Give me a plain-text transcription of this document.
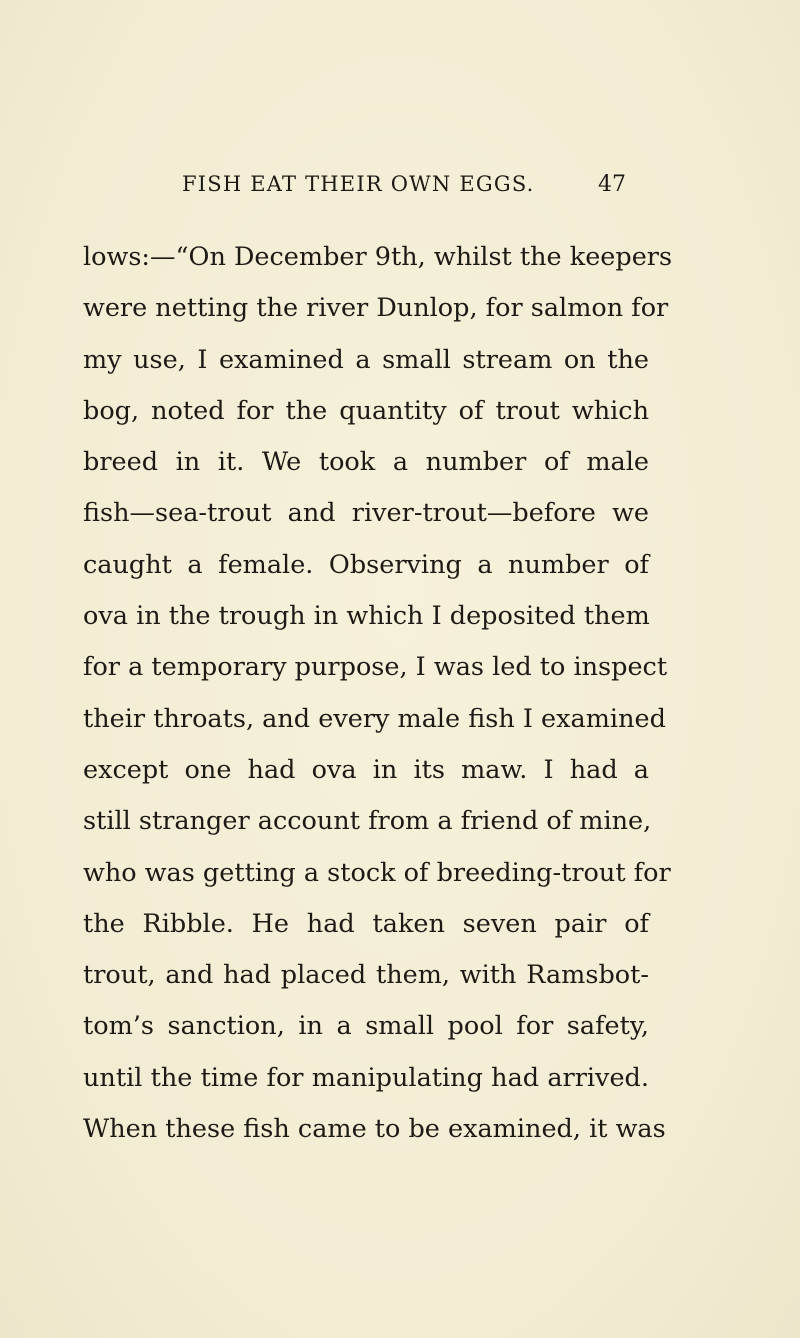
FISH EAT THEIR OWN EGGS.	47
lows:—“On December 9th, whilst the keepers
were netting the river Dunlop, for salmon for
my use, I examined a small stream on the
bog, noted for the quantity of trout which
breed in it. We took a number of male
fish—sea-trout and river-trout—before we
caught a female. Observing a number of
ova in the trough in which I deposited them
for a temporary purpose, I was led to inspect
their throats, and every male fish I examined
except one had ova in its maw. I had a
still stranger account from a friend of mine,
who was getting a stock of breeding-trout for
the Ribble. He had taken seven pair of
trout, and had placed them, with Ramsbot-
tom’s sanction, in a small pool for safety,
until the time for manipulating had arrived.
When these fish came to be examined, it was
